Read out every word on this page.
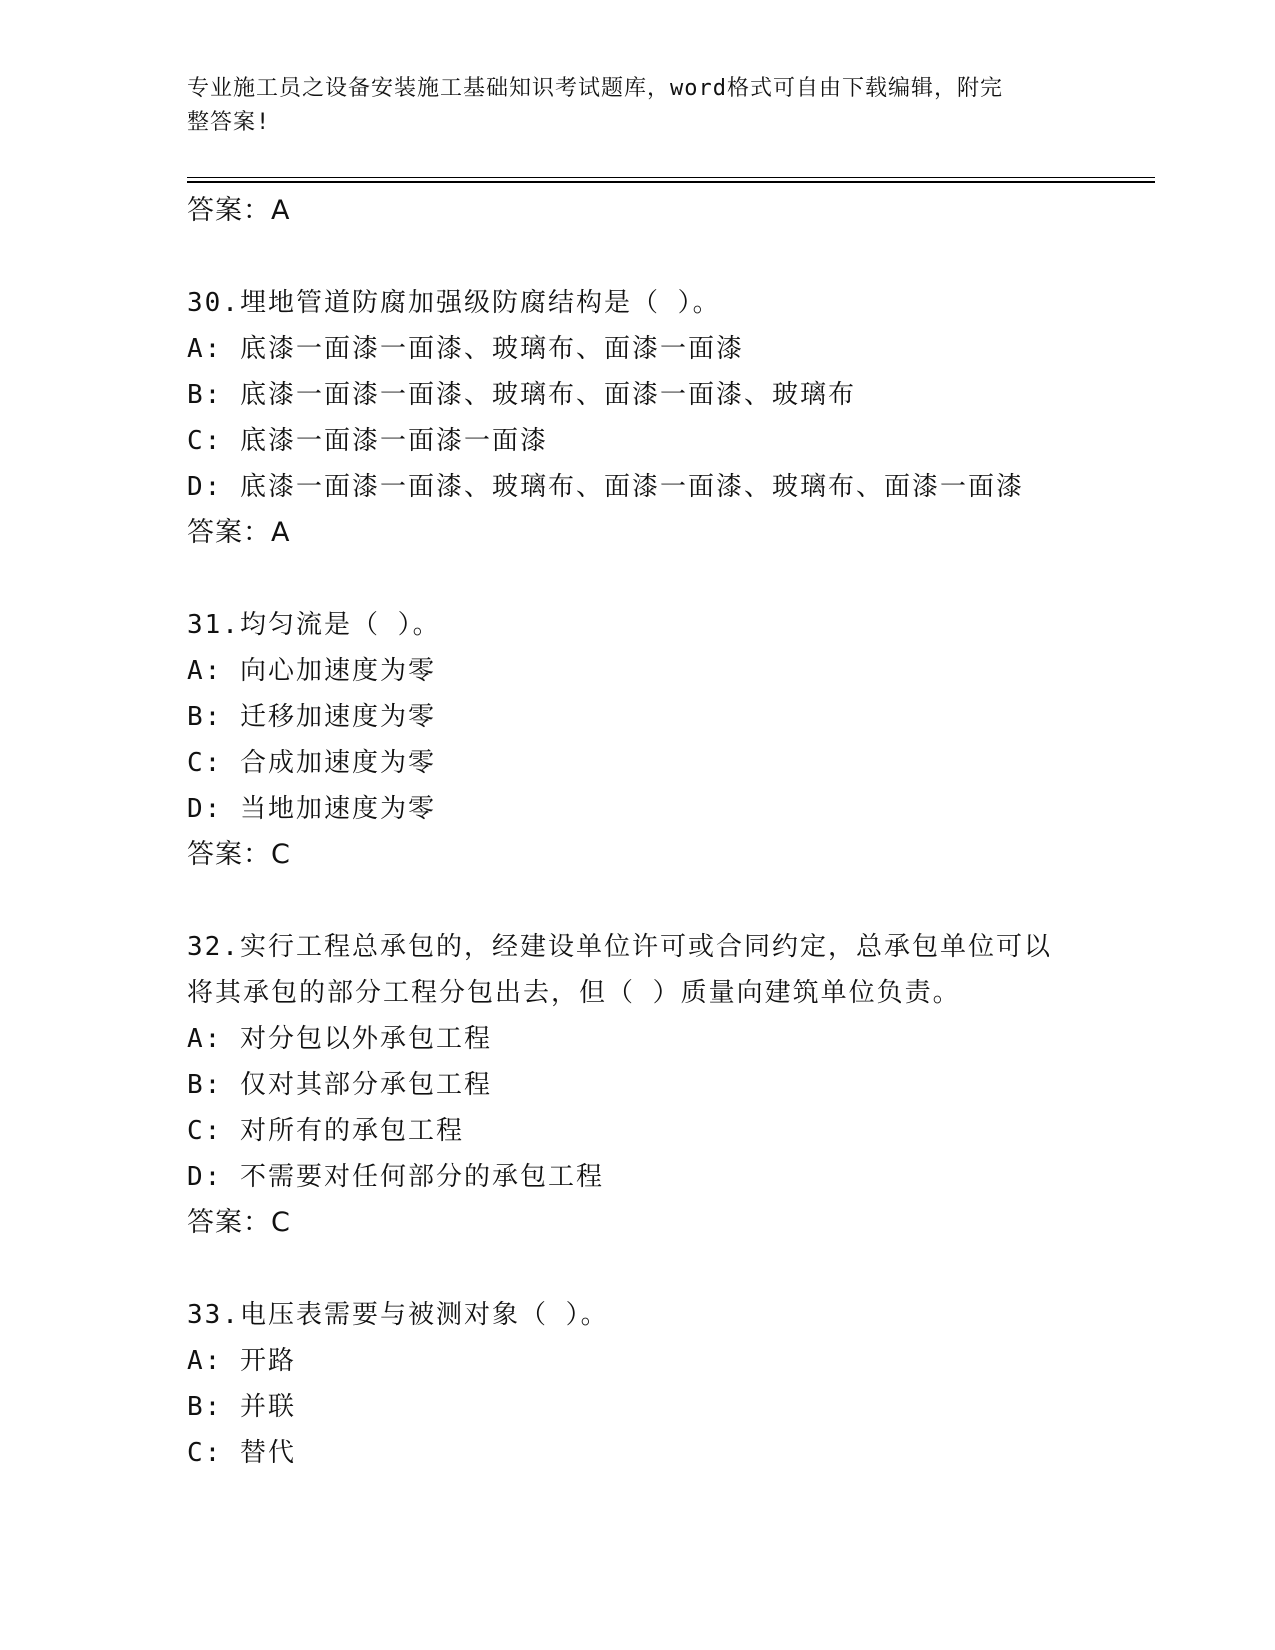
专业施工员之设备安装施工基础知识考试题库，word格式可自由下载编辑，附完
整答案!
答案：A
30.埋地管道防腐加强级防腐结构是（ ）。
A: 底漆一面漆一面漆、玻璃布、面漆一面漆
B: 底漆一面漆一面漆、玻璃布、面漆一面漆、玻璃布
C: 底漆一面漆一面漆一面漆
D: 底漆一面漆一面漆、玻璃布、面漆一面漆、玻璃布、面漆一面漆
答案：A
31.均匀流是（ ）。
A: 向心加速度为零
B: 迁移加速度为零
C: 合成加速度为零
D: 当地加速度为零
答案：C
32.实行工程总承包的，经建设单位许可或合同约定，总承包单位可以
将其承包的部分工程分包出去，但（ ）质量向建筑单位负责。
A: 对分包以外承包工程
B: 仅对其部分承包工程
C: 对所有的承包工程
D: 不需要对任何部分的承包工程
答案：C
33.电压表需要与被测对象（ ）。
A: 开路
B: 并联
C: 替代
